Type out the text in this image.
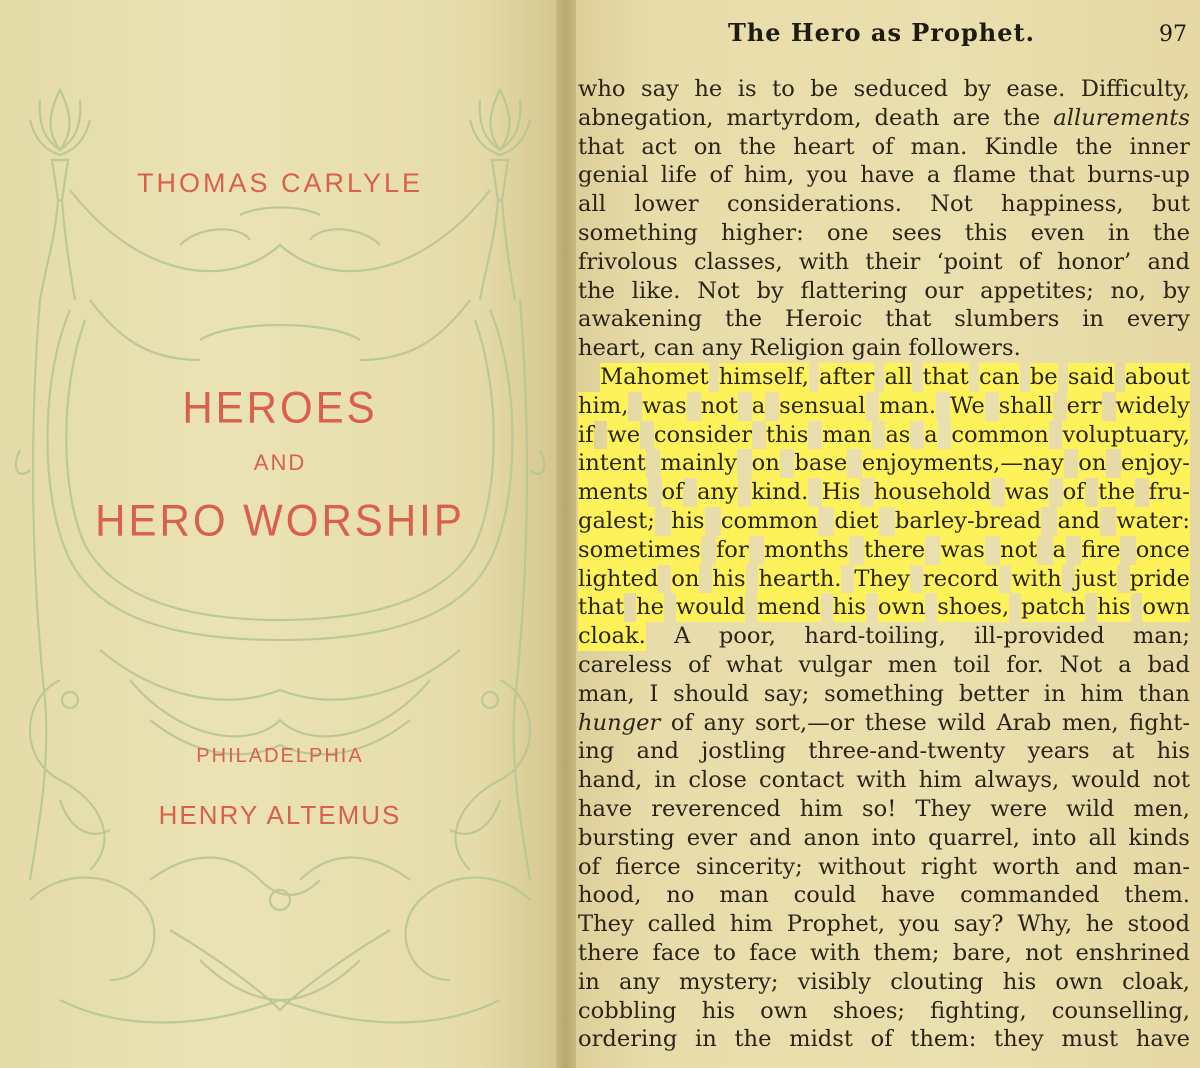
THOMAS CARLYLE
HEROES
AND
HERO WORSHIP
PHILADELPHIA
HENRY ALTEMUS
The Hero as Prophet.	97
who say he is to be seduced by ease. Difficulty,
abnegation, martyrdom, death are the allurements
that act on the heart of man. Kindle the inner
genial life of him, you have a flame that burns-up
all lower considerations. Not happiness, but
something higher: one sees this even in the
frivolous classes, with their ‘point of honor’ and
the like. Not by flattering our appetites; no, by
awakening the Heroic that slumbers in every
heart, can any Religion gain followers.
Mahomet himself, after all that can be said about
him, was not a sensual man. We shall err widely
if we consider this man as a common voluptuary,
intent mainly on base enjoyments,—nay on enjoy-
ments of any kind. His household was of the fru-
galest; his common diet barley-bread and water:
sometimes for months there was not a fire once
lighted on his hearth. They record with just pride
that he would mend his own shoes, patch his own
cloak. A poor, hard-toiling, ill-provided man;
careless of what vulgar men toil for. Not a bad
man, I should say; something better in him than
hunger of any sort,—or these wild Arab men, fight-
ing and jostling three-and-twenty years at his
hand, in close contact with him always, would not
have reverenced him so! They were wild men,
bursting ever and anon into quarrel, into all kinds
of fierce sincerity; without right worth and man-
hood, no man could have commanded them.
They called him Prophet, you say? Why, he stood
there face to face with them; bare, not enshrined
in any mystery; visibly clouting his own cloak,
cobbling his own shoes; fighting, counselling,
ordering in the midst of them: they must have
